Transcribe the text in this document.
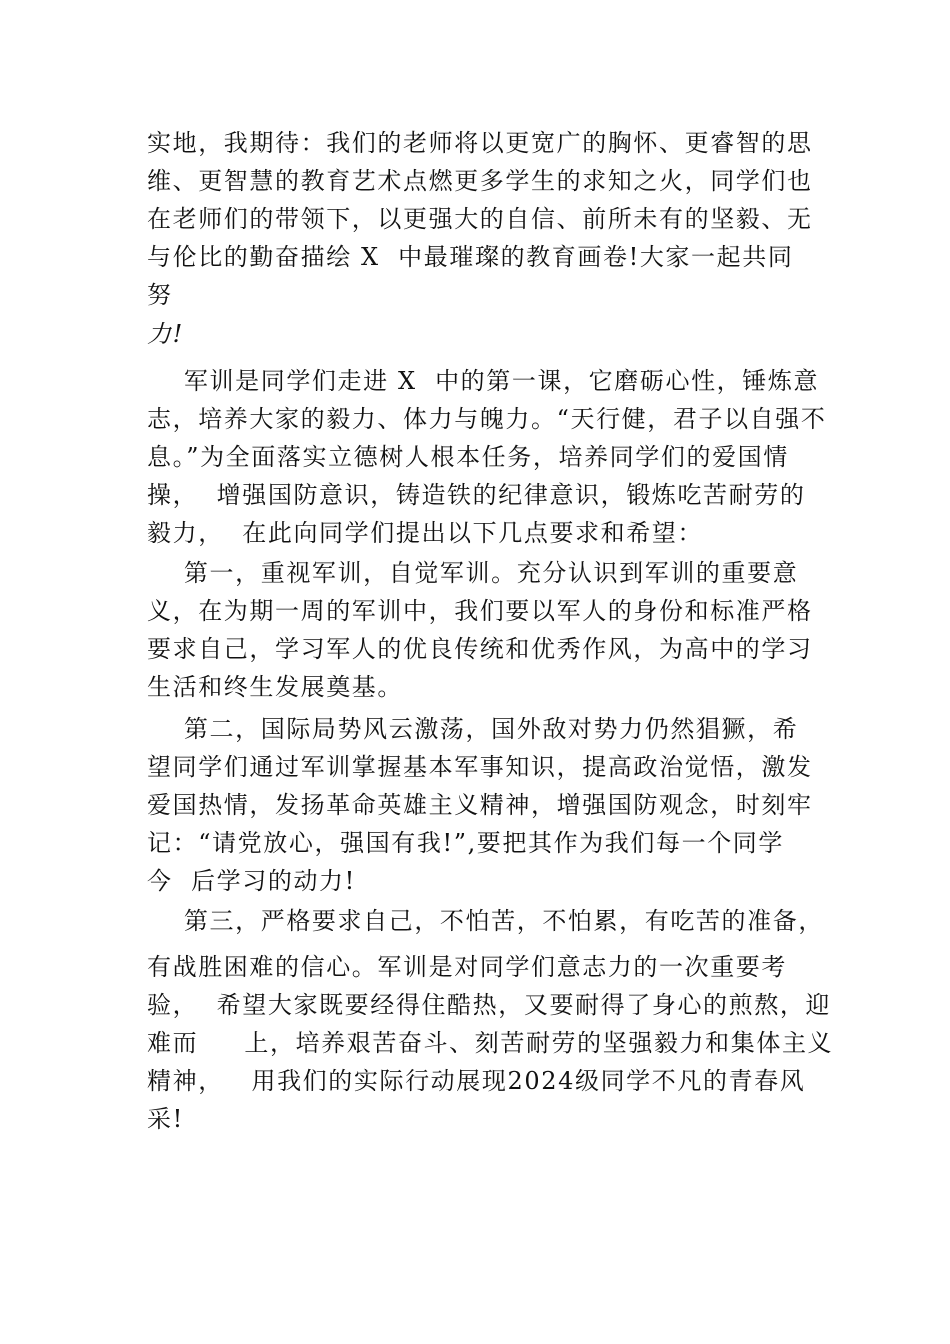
实地，我期待：我们的老师将以更宽广的胸怀、更睿智的思

维、更智慧的教育艺术点燃更多学生的求知之火，同学们也

在老师们的带领下，以更强大的自信、前所未有的坚毅、无

与伦比的勤奋描绘 X  中最璀璨的教育画卷!大家一起共同

努

力!

军训是同学们走进 X  中的第一课，它磨砺心性，锤炼意

志，培养大家的毅力、体力与魄力。“天行健，君子以自强不

息。”为全面落实立德树人根本任务，培养同学们的爱国情

操，  增强国防意识，铸造铁的纪律意识，锻炼吃苦耐劳的

毅力，  在此向同学们提出以下几点要求和希望：

第一，重视军训，自觉军训。充分认识到军训的重要意

义，在为期一周的军训中，我们要以军人的身份和标准严格

要求自己，学习军人的优良传统和优秀作风，为高中的学习

生活和终生发展奠基。

第二，国际局势风云激荡，国外敌对势力仍然猖獗，希

望同学们通过军训掌握基本军事知识，提高政治觉悟，激发

爱国热情，发扬革命英雄主义精神，增强国防观念，时刻牢

记：“请党放心，强国有我!”,要把其作为我们每一个同学

今  后学习的动力!

第三，严格要求自己，不怕苦，不怕累，有吃苦的准备，

有战胜困难的信心。军训是对同学们意志力的一次重要考

验，  希望大家既要经得住酷热，又要耐得了身心的煎熬，迎

难而     上，培养艰苦奋斗、刻苦耐劳的坚强毅力和集体主义

精神，   用我们的实际行动展现2024级同学不凡的青春风

采!
